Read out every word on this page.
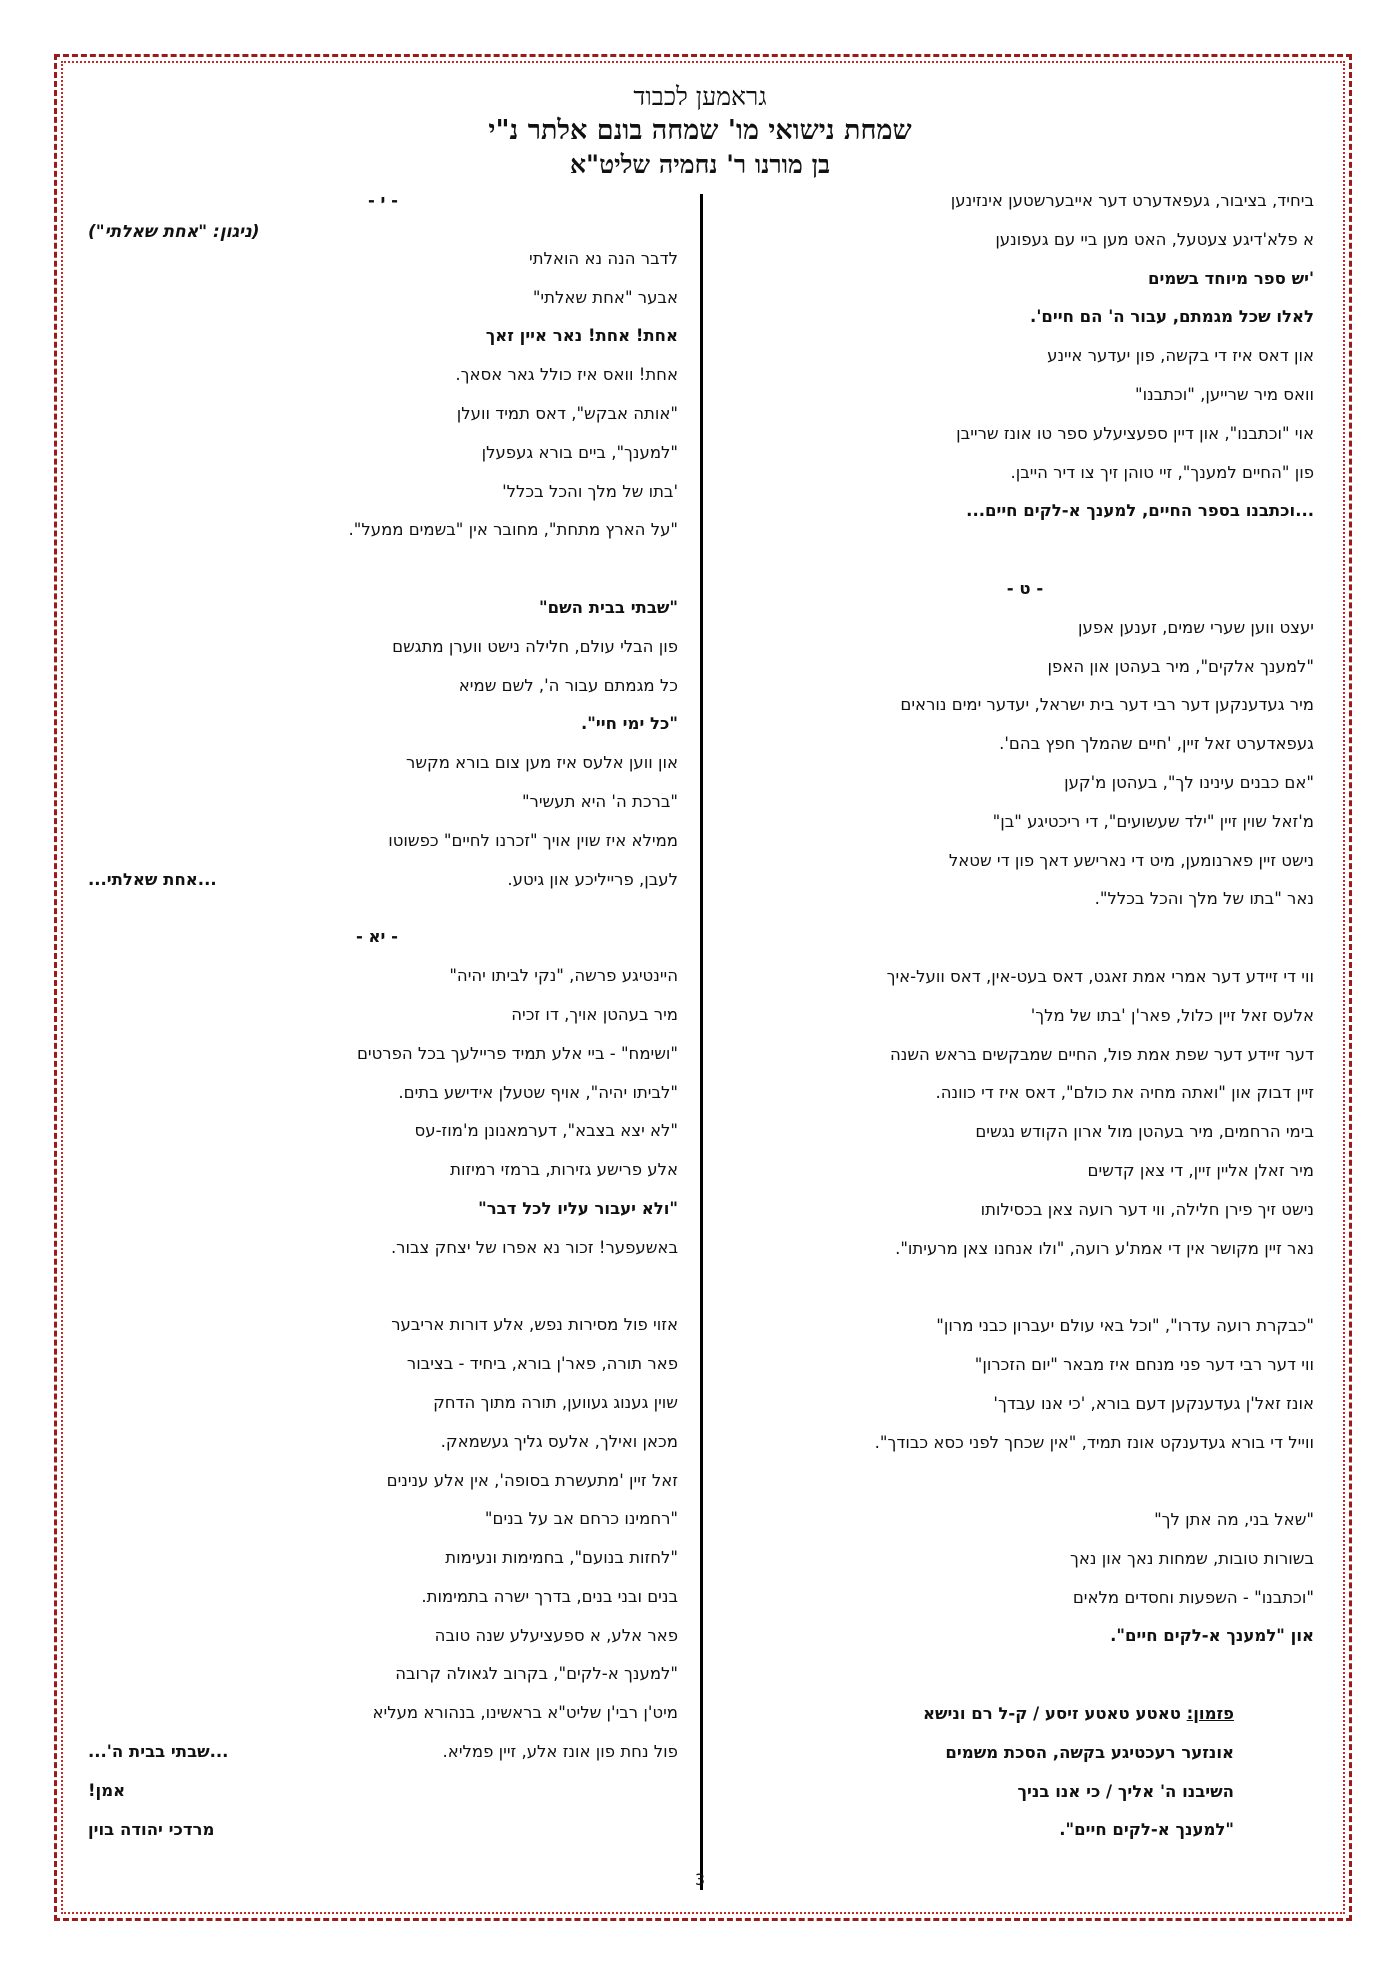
גראמען לכבוד
שמחת נישואי מו' שמחה בונם אלתר נ"י
בן מורנו ר' נחמיה שליט"א
ביחיד, בציבור, געפאדערט דער אייבערשטען אינזינען
א פלא'דיגע צעטעל, האט מען ביי עם געפונען
'יש ספר מיוחד בשמים
לאלו שכל מגמתם, עבור ה' הם חיים'.
און דאס איז די בקשה, פון יעדער איינע
וואס מיר שרייען, "וכתבנו"
אוי "וכתבנו", און דיין ספעציעלע ספר טו אונז שרייבן
פון "החיים למענך", זיי טוהן זיך צו דיר הייבן.
...וכתבנו בספר החיים, למענך א-לקים חיים...
- ט -
יעצט ווען שערי שמים, זענען אפען
"למענך אלקים", מיר בעהטן און האפן
מיר געדענקען דער רבי דער בית ישראל, יעדער ימים נוראים
געפאדערט זאל זיין, 'חיים שהמלך חפץ בהם'.
"אם כבנים עינינו לך", בעהטן מ'קען
מ'זאל שוין זיין "ילד שעשועים", די ריכטיגע "בן"
נישט זיין פארנומען, מיט די נארישע דאך פון די שטאל
נאר "בתו של מלך והכל בכלל".
ווי די זיידע דער אמרי אמת זאגט, דאס בעט-אין, דאס וועל-איך
אלעס זאל זיין כלול, פאר'ן 'בתו של מלך'
דער זיידע דער שפת אמת פול, החיים שמבקשים בראש השנה
זיין דבוק און "ואתה מחיה את כולם", דאס איז די כוונה.
בימי הרחמים, מיר בעהטן מול ארון הקודש נגשים
מיר זאלן אליין זיין, די צאן קדשים
נישט זיך פירן חלילה, ווי דער רועה צאן בכסילותו
נאר זיין מקושר אין די אמת'ע רועה, "ולו אנחנו צאן מרעיתו".
"כבקרת רועה עדרו", "וכל באי עולם יעברון כבני מרון"
ווי דער רבי דער פני מנחם איז מבאר "יום הזכרון"
אונז זאל'ן געדענקען דעם בורא, 'כי אנו עבדך'
ווייל די בורא געדענקט אונז תמיד, "אין שכחך לפני כסא כבודך".
"שאל בני, מה אתן לך"
בשורות טובות, שמחות נאך און נאך
"וכתבנו" - השפעות וחסדים מלאים
און "למענך א-לקים חיים".
פזמון: טאטע טאטע זיסע / ק-ל רם ונישא
אונזער רעכטיגע בקשה, הסכת משמים
השיבנו ה' אליך / כי אנו בניך
"למענך א-לקים חיים".
(ניגון: "אחת שאלתי")
- י -
לדבר הנה נא הואלתי
אבער "אחת שאלתי"
אחת! אחת! נאר איין זאך
אחת! וואס איז כולל גאר אסאך.
"אותה אבקש", דאס תמיד וועלן
"למענך", ביים בורא געפעלן
'בתו של מלך והכל בכלל'
"על הארץ מתחת", מחובר אין "בשמים ממעל".
"שבתי בבית השם"
פון הבלי עולם, חלילה נישט ווערן מתגשם
כל מגמתם עבור ה', לשם שמיא
"כל ימי חיי".
און ווען אלעס איז מען צום בורא מקשר
"ברכת ה' היא תעשיר"
ממילא איז שוין אויך "זכרנו לחיים" כפשוטו
לעבן, פרייליכע און גיטע.
...אחת שאלתי...
- יא -
היינטיגע פרשה, "נקי לביתו יהיה"
מיר בעהטן אויך, דו זכיה
"ושימח" - ביי אלע תמיד פריילעך בכל הפרטים
"לביתו יהיה", אויף שטעלן אידישע בתים.
"לא יצא בצבא", דערמאנונן מ'מוז-עס
אלע פרישע גזירות, ברמזי רמיזות
"ולא יעבור עליו לכל דבר"
באשעפער! זכור נא אפרו של יצחק צבור.
אזוי פול מסירות נפש, אלע דורות אריבער
פאר תורה, פאר'ן בורא, ביחיד - בציבור
שוין גענוג געווען, תורה מתוך הדחק
מכאן ואילך, אלעס גליך געשמאק.
זאל זיין 'מתעשרת בסופה', אין אלע ענינים
"רחמינו כרחם אב על בנים"
"לחזות בנועם", בחמימות ונעימות
בנים ובני בנים, בדרך ישרה בתמימות.
פאר אלע, א ספעציעלע שנה טובה
"למענך א-לקים", בקרוב לגאולה קרובה
מיט'ן רבי'ן שליט"א בראשינו, בנהורא מעליא
פול נחת פון אונז אלע, זיין פמליא.
...שבתי בבית ה'...
אמן!
מרדכי יהודה בוין
3
